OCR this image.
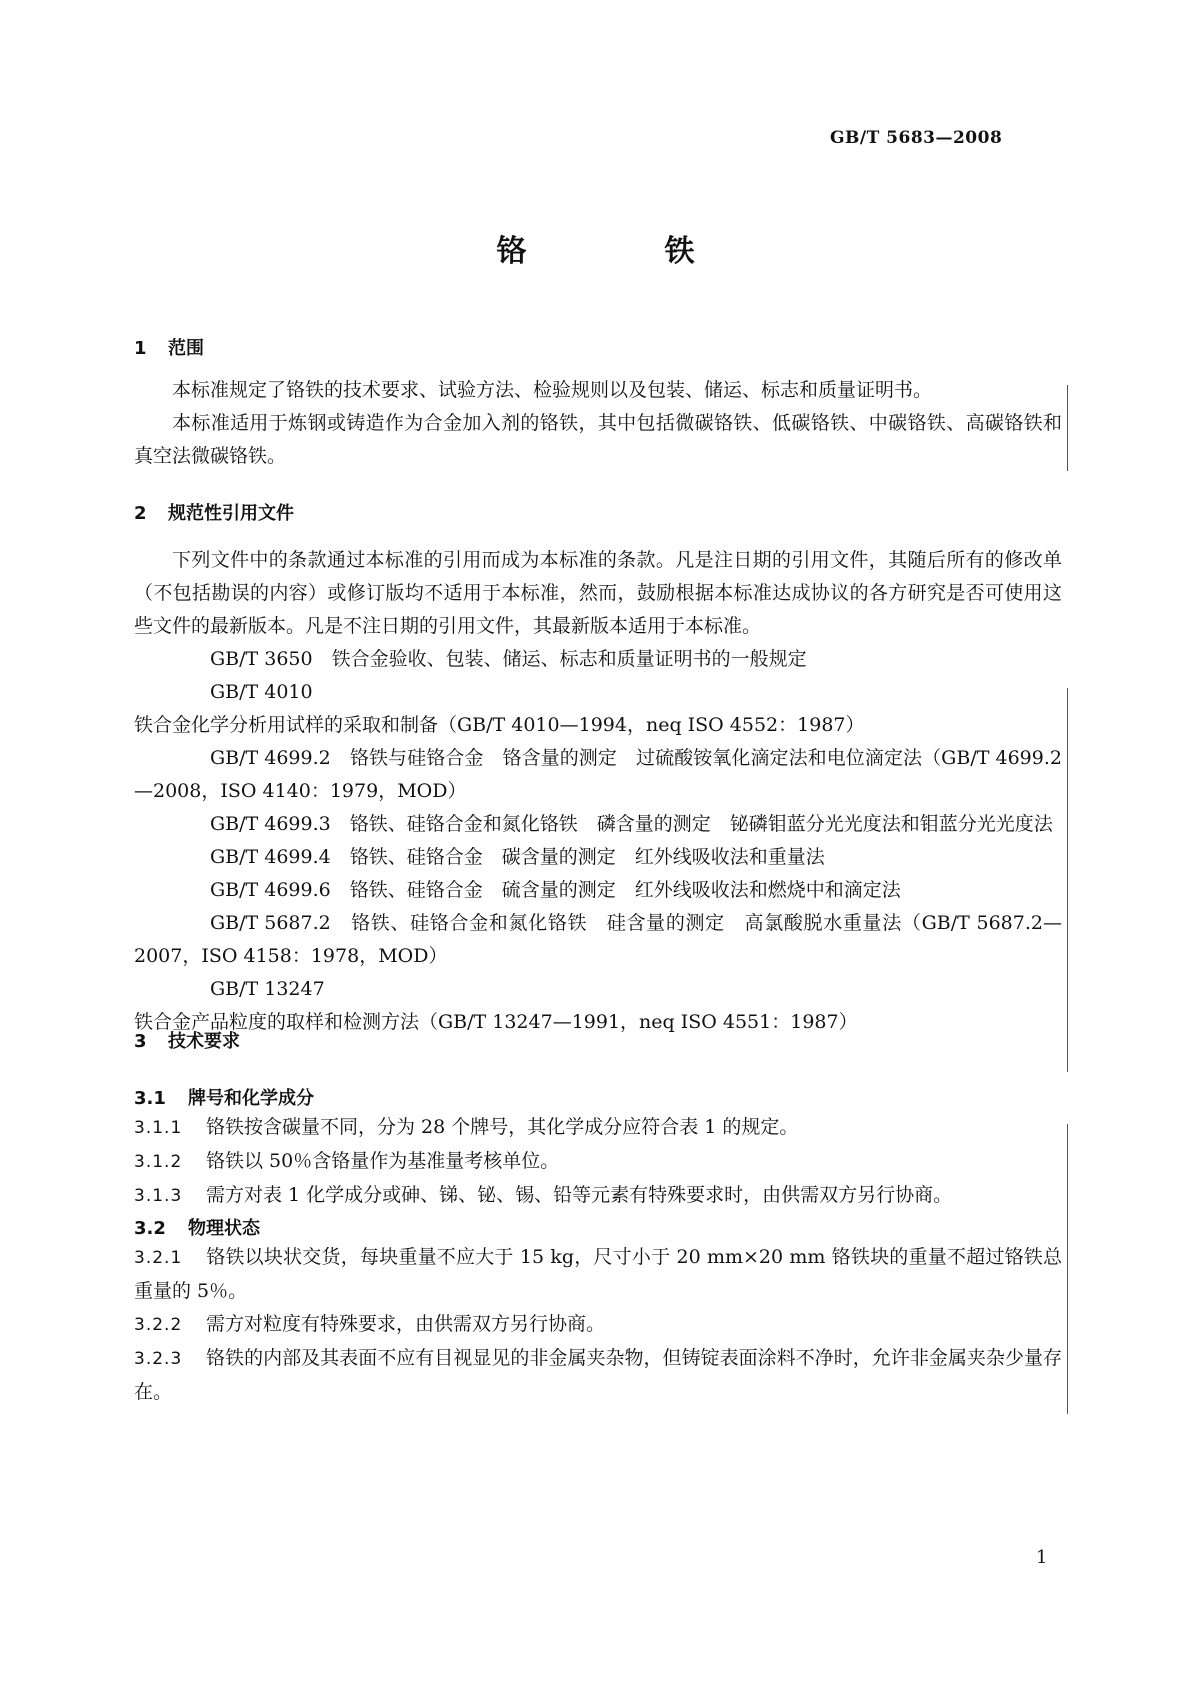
GB/T 5683—2008
铬　铁
1 范围
本标准规定了铬铁的技术要求、试验方法、检验规则以及包装、储运、标志和质量证明书。
本标准适用于炼钢或铸造作为合金加入剂的铬铁，其中包括微碳铬铁、低碳铬铁、中碳铬铁、高碳铬铁和真空法微碳铬铁。
2 规范性引用文件
下列文件中的条款通过本标准的引用而成为本标准的条款。凡是注日期的引用文件，其随后所有的修改单（不包括勘误的内容）或修订版均不适用于本标准，然而，鼓励根据本标准达成协议的各方研究是否可使用这些文件的最新版本。凡是不注日期的引用文件，其最新版本适用于本标准。
GB/T 3650　 铁合金验收、包装、储运、标志和质量证明书的一般规定
GB/T 4010　铁合金化学分析用试样的采取和制备（GB/T 4010—1994，neq ISO 4552：1987）
GB/T 4699.2　 铬铁与硅铬合金　铬含量的测定　过硫酸铵氧化滴定法和电位滴定法（GB/T 4699.2—2008，ISO 4140：1979，MOD）
GB/T 4699.3　 铬铁、硅铬合金和氮化铬铁　磷含量的测定　铋磷钼蓝分光光度法和钼蓝分光光度法
GB/T 4699.4　 铬铁、硅铬合金　碳含量的测定　红外线吸收法和重量法
GB/T 4699.6　 铬铁、硅铬合金　硫含量的测定　红外线吸收法和燃烧中和滴定法
GB/T 5687.2　 铬铁、硅铬合金和氮化铬铁　硅含量的测定　高氯酸脱水重量法（GB/T 5687.2—2007，ISO 4158：1978，MOD）
GB/T 13247　铁合金产品粒度的取样和检测方法（GB/T 13247—1991，neq ISO 4551：1987）
3 技术要求
3.1 牌号和化学成分
3.1.1 铬铁按含碳量不同，分为 28 个牌号，其化学成分应符合表 1 的规定。
3.1.2 铬铁以 50％含铬量作为基准量考核单位。
3.1.3 需方对表 1 化学成分或砷、锑、铋、锡、铅等元素有特殊要求时，由供需双方另行协商。
3.2 物理状态
3.2.1 铬铁以块状交货，每块重量不应大于 15 kg，尺寸小于 20 mm×20 mm 铬铁块的重量不超过铬铁总重量的 5％。
3.2.2 需方对粒度有特殊要求，由供需双方另行协商。
3.2.3 铬铁的内部及其表面不应有目视显见的非金属夹杂物，但铸锭表面涂料不净时，允许非金属夹杂少量存在。
1
